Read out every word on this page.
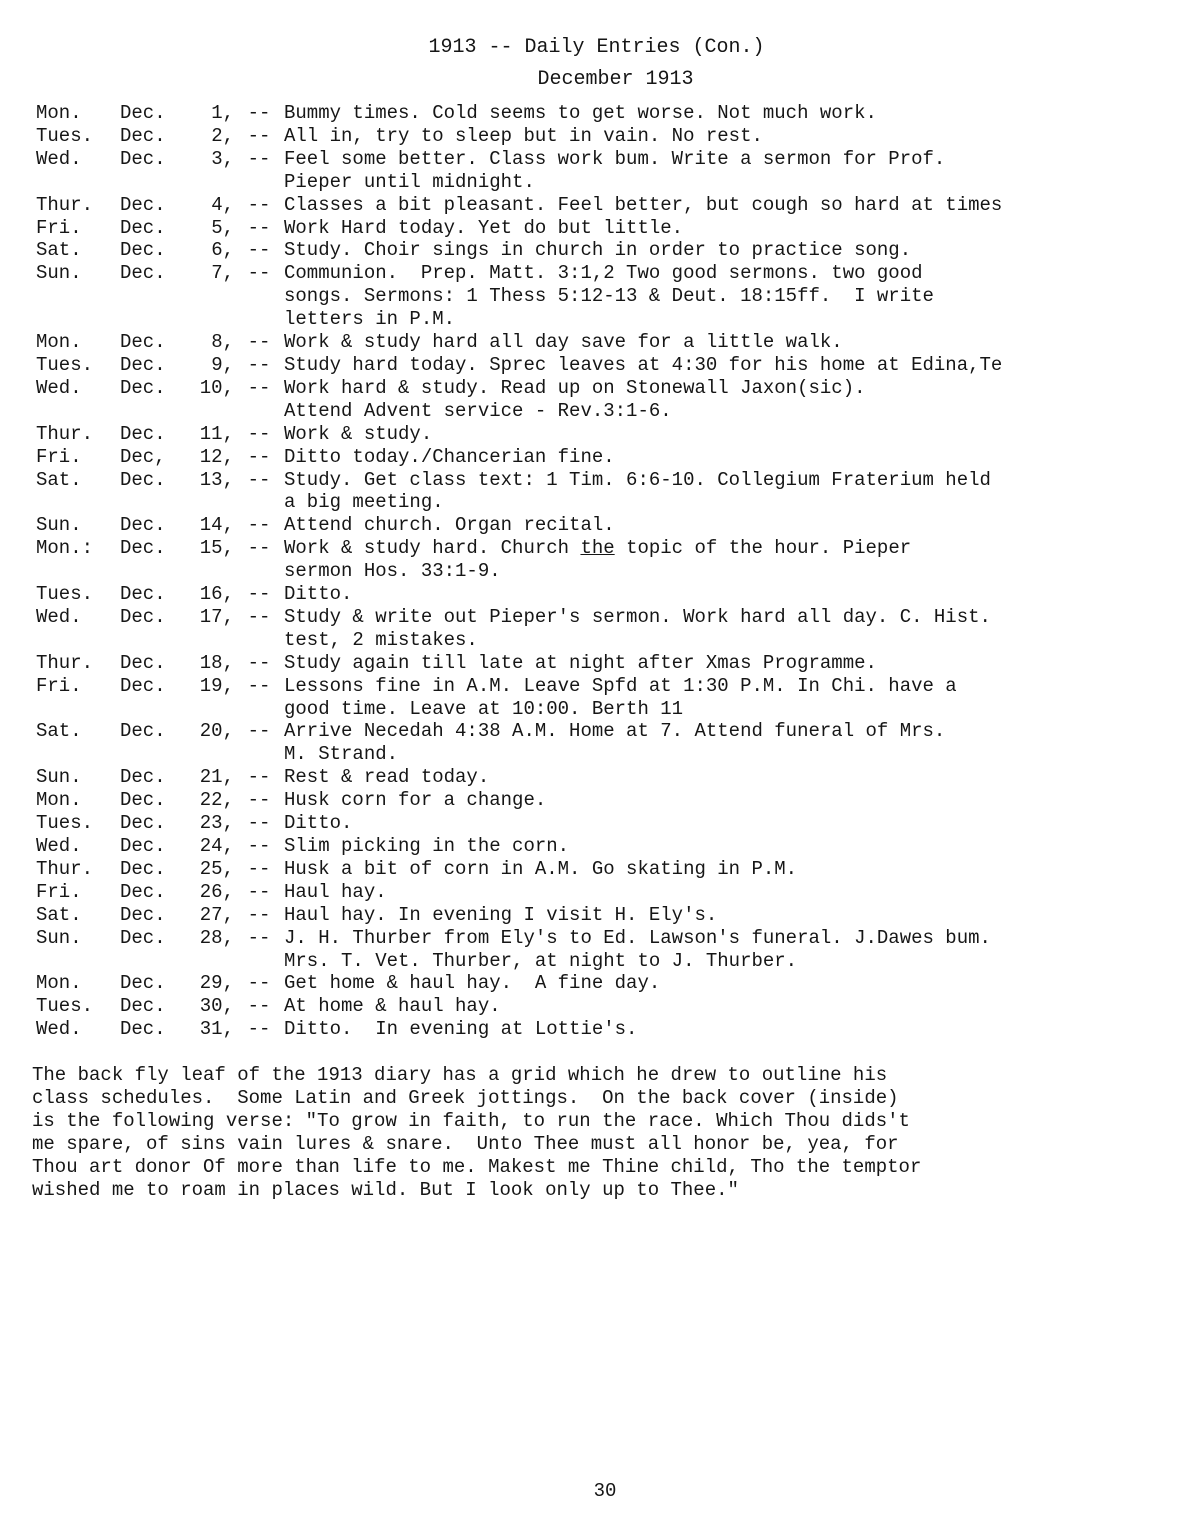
1913 -- Daily Entries (Con.)
December 1913
Mon.	Dec.	1, -- Bummy times. Cold seems to get worse. Not much work.
Tues.	Dec.	2, -- All in, try to sleep but in vain. No rest.
Wed.	Dec.	3, -- Feel some better. Class work bum. Write a sermon for Prof.
Pieper until midnight.
Thur.	Dec.	4, -- Classes a bit pleasant. Feel better, but cough so hard at times
Fri.	Dec.	5, -- Work Hard today. Yet do but little.
Sat.	Dec.	6, -- Study. Choir sings in church in order to practice song.
Sun.	Dec.	7, -- Communion.  Prep. Matt. 3:1,2 Two good sermons. two good
songs. Sermons: 1 Thess 5:12-13 & Deut. 18:15ff.  I write
letters in P.M.
Mon.	Dec.	8, -- Work & study hard all day save for a little walk.
Tues.	Dec.	9, -- Study hard today. Sprec leaves at 4:30 for his home at Edina,Te
Wed.	Dec.	10, -- Work hard & study. Read up on Stonewall Jaxon(sic).
Attend Advent service - Rev.3:1-6.
Thur.	Dec.	11, -- Work & study.
Fri.	Dec,	12, -- Ditto today./Chancerian fine.
Sat.	Dec.	13, -- Study. Get class text: 1 Tim. 6:6-10. Collegium Fraterium held
a big meeting.
Sun.	Dec.	14, -- Attend church. Organ recital.
Mon.:	Dec.	15, -- Work & study hard. Church the topic of the hour. Pieper
sermon Hos. 33:1-9.
Tues.	Dec.	16, -- Ditto.
Wed.	Dec.	17, -- Study & write out Pieper's sermon. Work hard all day. C. Hist.
test, 2 mistakes.
Thur.	Dec.	18, -- Study again till late at night after Xmas Programme.
Fri.	Dec.	19, -- Lessons fine in A.M. Leave Spfd at 1:30 P.M. In Chi. have a
good time. Leave at 10:00. Berth 11
Sat.	Dec.	20, -- Arrive Necedah 4:38 A.M. Home at 7. Attend funeral of Mrs.
M. Strand.
Sun.	Dec.	21, -- Rest & read today.
Mon.	Dec.	22, -- Husk corn for a change.
Tues.	Dec.	23, -- Ditto.
Wed.	Dec.	24, -- Slim picking in the corn.
Thur.	Dec.	25, -- Husk a bit of corn in A.M. Go skating in P.M.
Fri.	Dec.	26, -- Haul hay.
Sat.	Dec.	27, -- Haul hay. In evening I visit H. Ely's.
Sun.	Dec.	28, -- J. H. Thurber from Ely's to Ed. Lawson's funeral. J.Dawes bum.
Mrs. T. Vet. Thurber, at night to J. Thurber.
Mon.	Dec.	29, -- Get home & haul hay.  A fine day.
Tues.	Dec.	30, -- At home & haul hay.
Wed.	Dec.	31, -- Ditto.  In evening at Lottie's.
The back fly leaf of the 1913 diary has a grid which he drew to outline his
class schedules.  Some Latin and Greek jottings.  On the back cover (inside)
is the following verse: "To grow in faith, to run the race. Which Thou dids't
me spare, of sins vain lures & snare.  Unto Thee must all honor be, yea, for
Thou art donor Of more than life to me. Makest me Thine child, Tho the temptor
wished me to roam in places wild. But I look only up to Thee."
30
